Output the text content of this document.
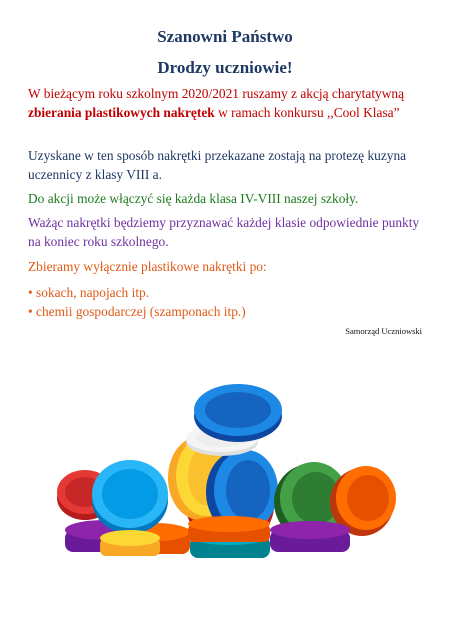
Szanowni Państwo
Drodzy uczniowie!
W bieżącym roku szkolnym 2020/2021 ruszamy z akcją charytatywną zbierania plastikowych nakrętek w ramach konkursu ,,Cool Klasa”
Uzyskane w ten sposób nakrętki przekazane zostają na protezę kuzyna uczennicy z klasy VIII a.
Do akcji może włączyć się każda klasa IV-VIII naszej szkoły.
Ważąc nakrętki będziemy przyznawać każdej klasie odpowiednie punkty na koniec roku szkolnego.
Zbieramy wyłącznie plastikowe nakrętki po:
• sokach, napojach itp.
• chemii gospodarczej (szamponach itp.)
Samorząd Uczniowski
